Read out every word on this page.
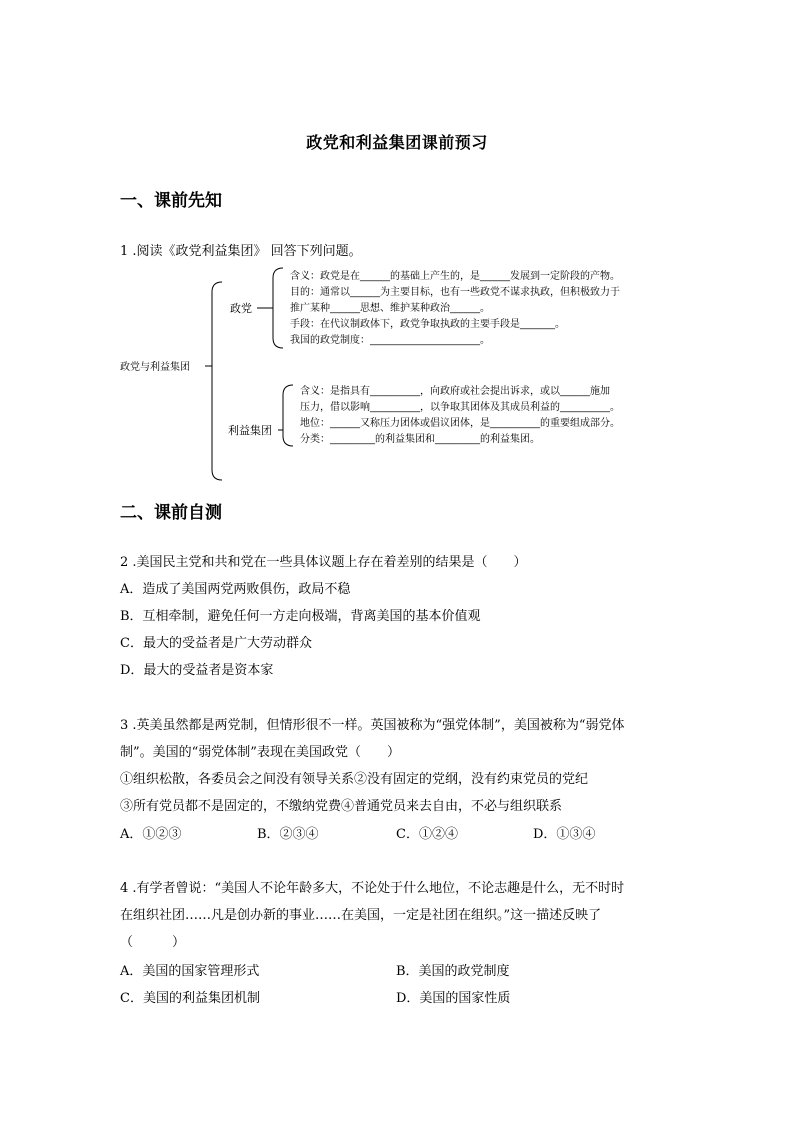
政党和利益集团课前预习
一、课前先知
1 .阅读《政党利益集团》 回答下列问题。
政党与利益集团
政党
利益集团
含义：政党是在______的基础上产生的，是______发展到一定阶段的产物。
目的：通常以______为主要目标，也有一些政党不谋求执政，但积极致力于
推广某种______思想、维护某种政治______。
手段：在代议制政体下，政党争取执政的主要手段是_______。
我国的政党制度：______________________。
含义：是指具有__________，向政府或社会提出诉求，或以______施加
压力，借以影响__________，以争取其团体及其成员利益的__________。
地位：______又称压力团体或倡议团体，是__________的重要组成部分。
分类：_________的利益集团和_________的利益集团。
二、课前自测
2 .美国民主党和共和党在一些具体议题上存在着差别的结果是（　　）
A．造成了美国两党两败俱伤，政局不稳
B．互相牵制，避免任何一方走向极端，背离美国的基本价值观
C．最大的受益者是广大劳动群众
D．最大的受益者是资本家
3 .英美虽然都是两党制，但情形很不一样。英国被称为“强党体制”，美国被称为“弱党体
制”。美国的“弱党体制”表现在美国政党（　　）
①组织松散，各委员会之间没有领导关系②没有固定的党纲，没有约束党员的党纪
③所有党员都不是固定的，不缴纳党费④普通党员来去自由，不必与组织联系
A．①②③	B．②③④	C．①②④	D．①③④
4 .有学者曾说：“美国人不论年龄多大，不论处于什么地位，不论志趣是什么，无不时时
在组织社团……凡是创办新的事业……在美国，一定是社团在组织。”这一描述反映了
（　　　）
A．美国的国家管理形式	B．美国的政党制度
C．美国的利益集团机制	D．美国的国家性质
